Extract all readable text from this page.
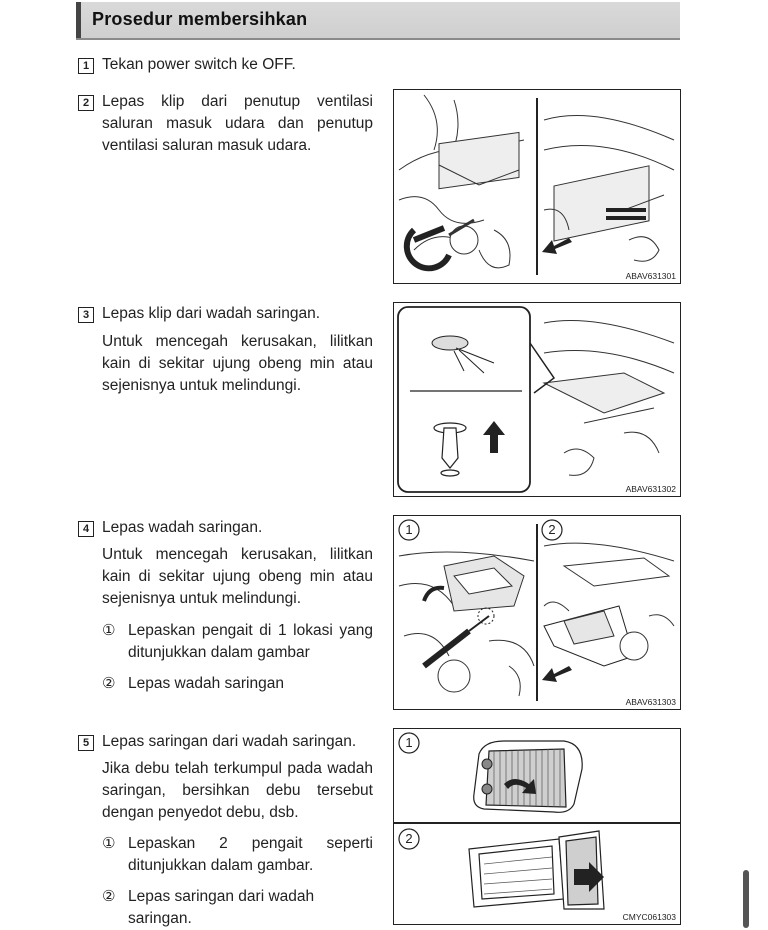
Prosedur membersihkan
1 Tekan power switch ke OFF.
2 Lepas klip dari penutup ventilasi saluran masuk udara dan penutup ventilasi saluran masuk udara.
ABAV631301
3 Lepas klip dari wadah saringan.
Untuk mencegah kerusakan, lilitkan kain di sekitar ujung obeng min atau sejenisnya untuk melindungi.
ABAV631302
4 Lepas wadah saringan.
Untuk mencegah kerusakan, lilitkan kain di sekitar ujung obeng min atau sejenisnya untuk melindungi.
① Lepaskan pengait di 1 lokasi yang ditunjukkan dalam gambar
② Lepas wadah saringan
1	2
ABAV631303
5 Lepas saringan dari wadah saringan.
Jika debu telah terkumpul pada wadah saringan, bersihkan debu tersebut dengan penyedot debu, dsb.
① Lepaskan 2 pengait seperti ditunjukkan dalam gambar.
② Lepas saringan dari wadah saringan.
1
2
CMYC061303
